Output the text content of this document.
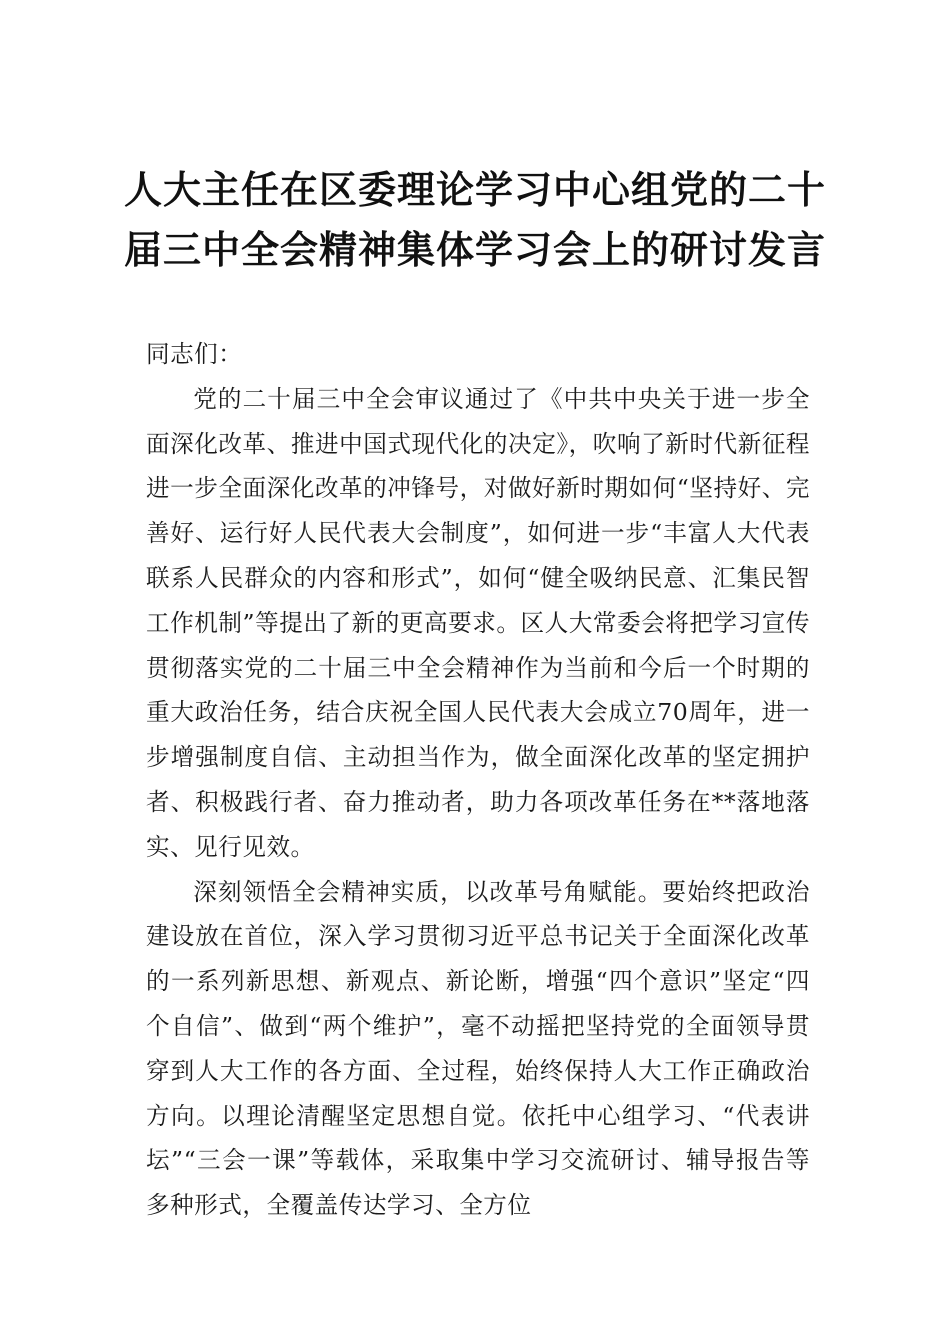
人大主任在区委理论学习中心组党的二十
届三中全会精神集体学习会上的研讨发言

同志们：

党的二十届三中全会审议通过了《中共中央关于进一步全面深化改革、推进中国式现代化的决定》，吹响了新时代新征程进一步全面深化改革的冲锋号，对做好新时期如何“坚持好、完善好、运行好人民代表大会制度”，如何进一步“丰富人大代表联系人民群众的内容和形式”，如何“健全吸纳民意、汇集民智工作机制”等提出了新的更高要求。区人大常委会将把学习宣传贯彻落实党的二十届三中全会精神作为当前和今后一个时期的重大政治任务，结合庆祝全国人民代表大会成立70周年，进一步增强制度自信、主动担当作为，做全面深化改革的坚定拥护者、积极践行者、奋力推动者，助力各项改革任务在**落地落实、见行见效。

深刻领悟全会精神实质，以改革号角赋能。要始终把政治建设放在首位，深入学习贯彻习近平总书记关于全面深化改革的一系列新思想、新观点、新论断，增强“四个意识”坚定“四个自信”、做到“两个维护”，毫不动摇把坚持党的全面领导贯穿到人大工作的各方面、全过程，始终保持人大工作正确政治方向。以理论清醒坚定思想自觉。依托中心组学习、“代表讲坛”“三会一课”等载体，采取集中学习交流研讨、辅导报告等多种形式，全覆盖传达学习、全方位
